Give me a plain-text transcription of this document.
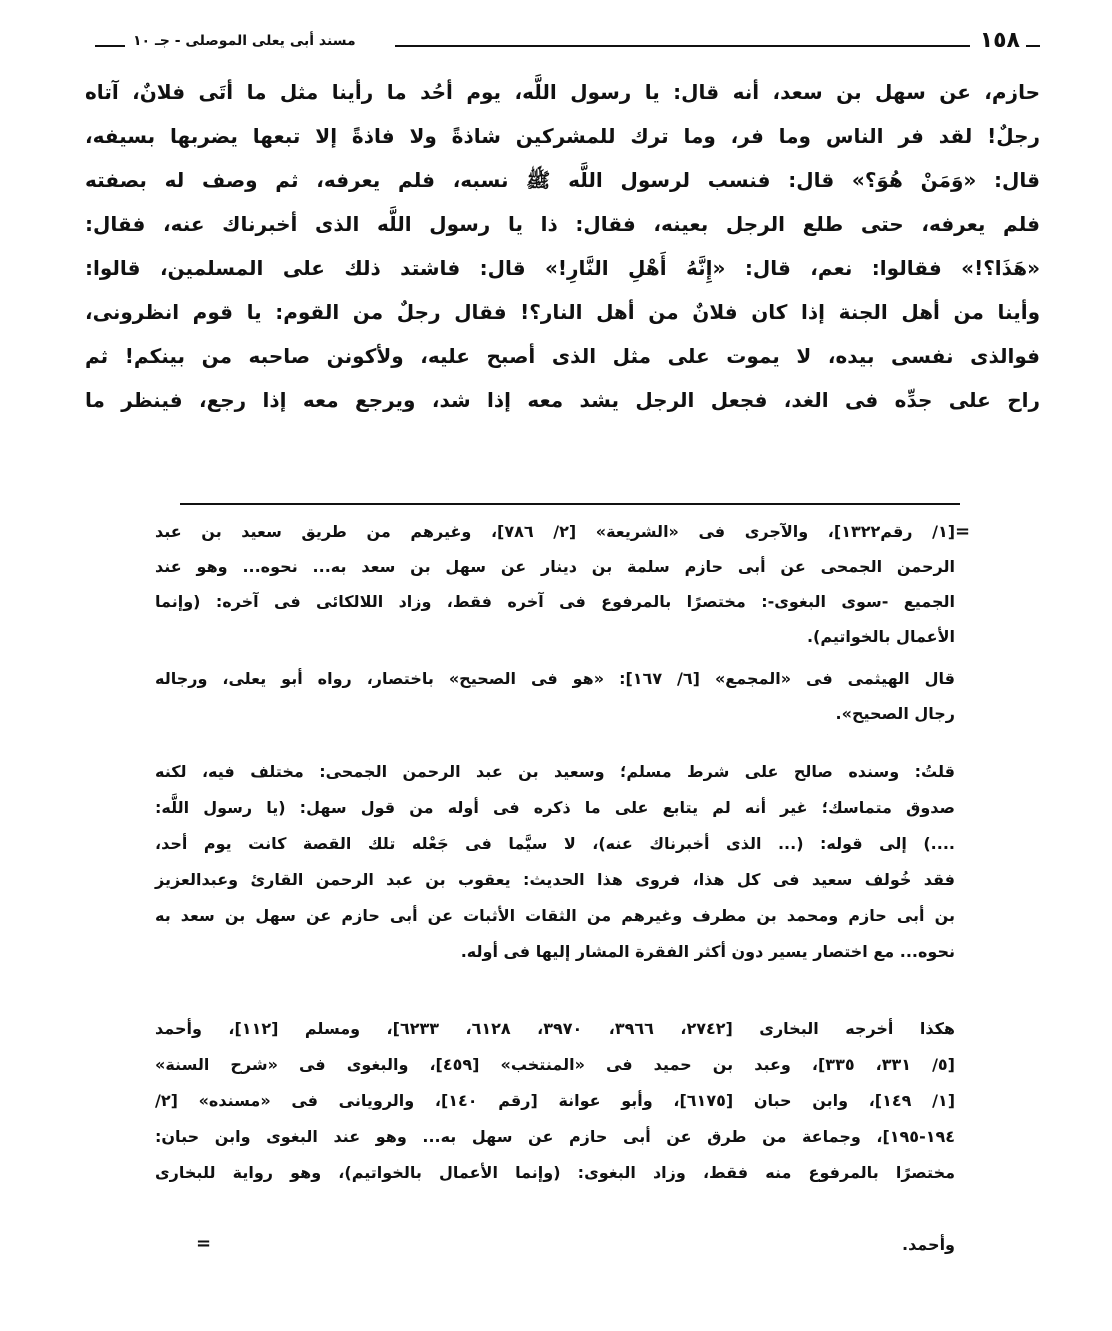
١٥٨
مسند أبى يعلى الموصلى - جـ ١٠
حازم، عن سهل بن سعد، أنه قال: يا رسول اللَّه، يوم أحُد ما رأينا مثل ما أتَى فلانٌ، آتاه
رجلٌ! لقد فر الناس وما فر، وما ترك للمشركين شاذةً ولا فاذةً إلا تبعها يضربها بسيفه،
قال: «وَمَنْ هُوَ؟» قال: فنسب لرسول اللَّه ﷺ نسبه، فلم يعرفه، ثم وصف له بصفته
فلم يعرفه، حتى طلع الرجل بعينه، فقال: ذا يا رسول اللَّه الذى أخبرناك عنه، فقال:
«هَذَا؟!» فقالوا: نعم، قال: «إِنَّهُ أَهْلِ النَّارِ!» قال: فاشتد ذلك على المسلمين، قالوا:
وأينا من أهل الجنة إذا كان فلانٌ من أهل النار؟! فقال رجلٌ من القوم: يا قوم انظرونى،
فوالذى نفسى بيده، لا يموت على مثل الذى أصبح عليه، ولأكونن صاحبه من بينكم! ثم
راح على جدِّه فى الغد، فجعل الرجل يشد معه إذا شد، ويرجع معه إذا رجع، فينظر ما
=
[١/ رقم١٣٢٢]، والآجرى فى «الشريعة» [٢/ ٧٨٦]، وغيرهم من طريق سعيد بن عبد
الرحمن الجمحى عن أبى حازم سلمة بن دينار عن سهل بن سعد به... نحوه... وهو عند
الجميع -سوى البغوى-: مختصرًا بالمرفوع فى آخره فقط، وزاد اللالكائى فى آخره: (وإنما
الأعمال بالخواتيم).
قال الهيثمى فى «المجمع» [٦/ ١٦٧]: «هو فى الصحيح» باختصار، رواه أبو يعلى، ورجاله
رجال الصحيح».
قلتُ: وسنده صالح على شرط مسلم؛ وسعيد بن عبد الرحمن الجمحى: مختلف فيه، لكنه
صدوق متماسك؛ غير أنه لم يتابع على ما ذكره فى أوله من قول سهل: (يا رسول اللَّه:
....) إلى قوله: (... الذى أخبرناك عنه)، لا سيَّما فى جَعْله تلك القصة كانت يوم أحد،
فقد خُولف سعيد فى كل هذا، فروى هذا الحديث: يعقوب بن عبد الرحمن القارئ وعبدالعزيز
بن أبى حازم ومحمد بن مطرف وغيرهم من الثقات الأثبات عن أبى حازم عن سهل بن سعد به
نحوه... مع اختصار يسير دون أكثر الفقرة المشار إليها فى أوله.
هكذا أخرجه البخارى [٢٧٤٢، ٣٩٦٦، ٣٩٧٠، ٦١٢٨، ٦٢٣٣]، ومسلم [١١٢]، وأحمد
[٥/ ٣٣١، ٣٣٥]، وعبد بن حميد فى «المنتخب» [٤٥٩]، والبغوى فى «شرح السنة»
[١/ ١٤٩]، وابن حبان [٦١٧٥]، وأبو عوانة [رقم ١٤٠]، والرويانى فى «مسنده» [٢/
١٩٤-١٩٥]، وجماعة من طرق عن أبى حازم عن سهل به... وهو عند البغوى وابن حبان:
مختصرًا بالمرفوع منه فقط، وزاد البغوى: (وإنما الأعمال بالخواتيم)، وهو رواية للبخارى
وأحمد.
=
